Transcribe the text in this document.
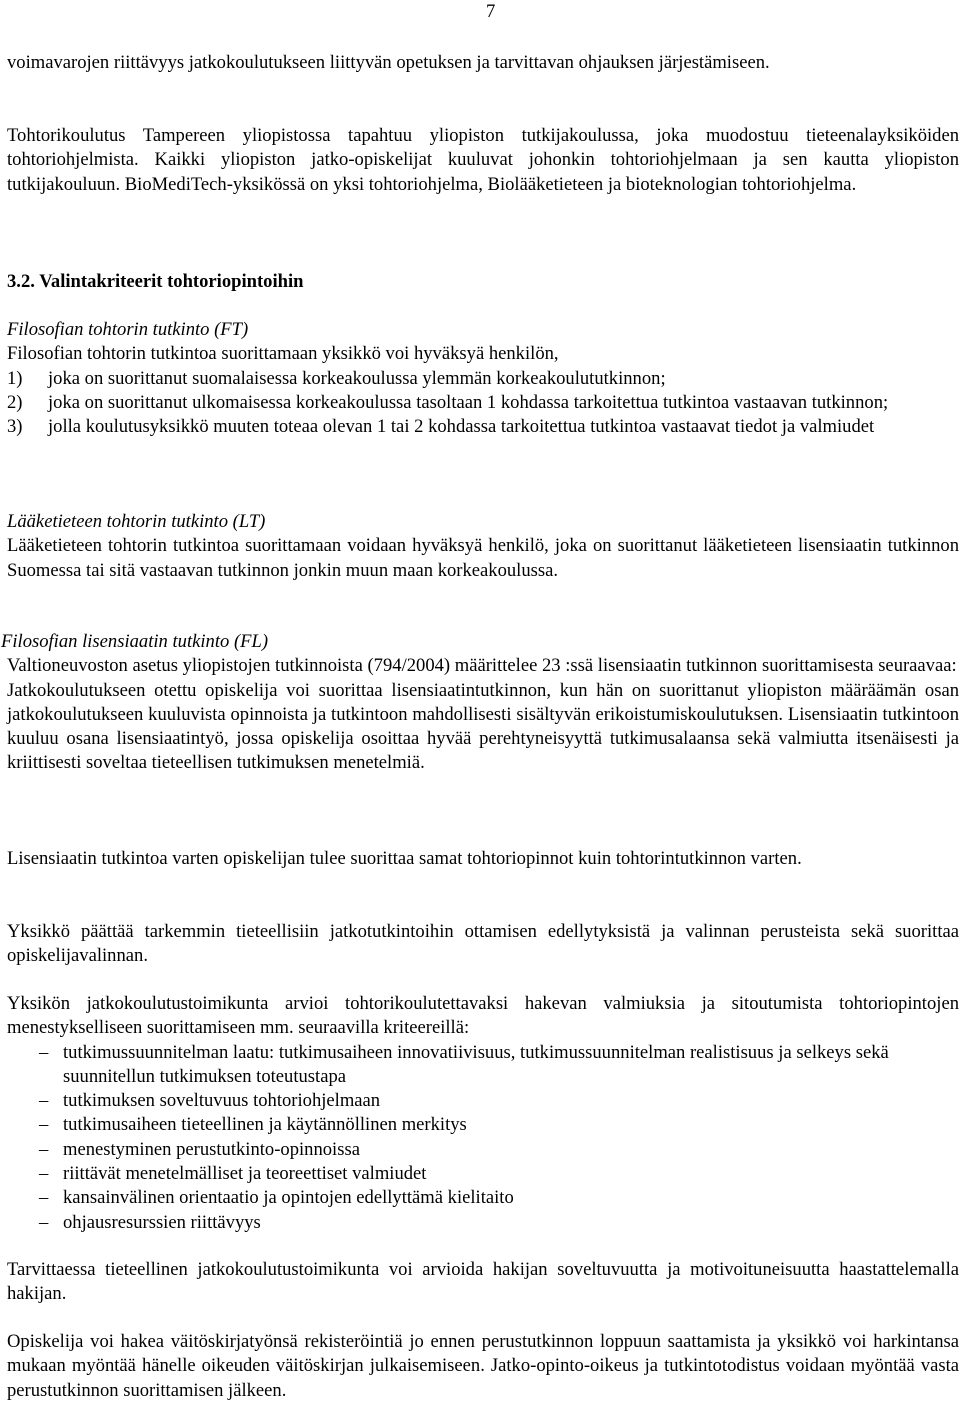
7

voimavarojen riittävyys jatkokoulutukseen liittyvän opetuksen ja tarvittavan ohjauksen järjestämiseen.

Tohtorikoulutus Tampereen yliopistossa tapahtuu yliopiston tutkijakoulussa, joka muodostuu tieteenalayksiköiden tohtoriohjelmista. Kaikki yliopiston jatko-opiskelijat kuuluvat johonkin tohtoriohjelmaan ja sen kautta yliopiston tutkijakouluun. BioMediTech-yksikössä on yksi tohtoriohjelma, Biolääketieteen ja bioteknologian tohtoriohjelma.

3.2. Valintakriteerit tohtoriopintoihin

Filosofian tohtorin tutkinto (FT)

Filosofian tohtorin tutkintoa suorittamaan yksikkö voi hyväksyä henkilön,

1) joka on suorittanut suomalaisessa korkeakoulussa ylemmän korkeakoulututkinnon;
2) joka on suorittanut ulkomaisessa korkeakoulussa tasoltaan 1 kohdassa tarkoitettua tutkintoa vastaavan tutkinnon;
3) jolla koulutusyksikkö muuten toteaa olevan 1 tai 2 kohdassa tarkoitettua tutkintoa vastaavat tiedot ja valmiudet

Lääketieteen tohtorin tutkinto (LT)

Lääketieteen tohtorin tutkintoa suorittamaan voidaan hyväksyä henkilö, joka on suorittanut lääketieteen lisensiaatin tutkinnon Suomessa tai sitä vastaavan tutkinnon jonkin muun maan korkeakoulussa.

Filosofian lisensiaatin tutkinto (FL)

Valtioneuvoston asetus yliopistojen tutkinnoista (794/2004) määrittelee 23 :ssä lisensiaatin tutkinnon suorittamisesta seuraavaa:

Jatkokoulutukseen otettu opiskelija voi suorittaa lisensiaatintutkinnon, kun hän on suorittanut yliopiston määräämän osan jatkokoulutukseen kuuluvista opinnoista ja tutkintoon mahdollisesti sisältyvän erikoistumiskoulutuksen. Lisensiaatin tutkintoon kuuluu osana lisensiaatintyö, jossa opiskelija osoittaa hyvää perehtyneisyyttä tutkimusalaansa sekä valmiutta itsenäisesti ja kriittisesti soveltaa tieteellisen tutkimuksen menetelmiä.

Lisensiaatin tutkintoa varten opiskelijan tulee suorittaa samat tohtoriopinnot kuin tohtorintutkinnon varten.

Yksikkö päättää tarkemmin tieteellisiin jatkotutkintoihin ottamisen edellytyksistä ja valinnan perusteista sekä suorittaa opiskelijavalinnan.

Yksikön jatkokoulutustoimikunta arvioi tohtorikoulutettavaksi hakevan valmiuksia ja sitoutumista tohtoriopintojen menestykselliseen suorittamiseen mm. seuraavilla kriteereillä:

– tutkimussuunnitelman laatu: tutkimusaiheen innovatiivisuus, tutkimussuunnitelman realistisuus ja selkeys sekä suunnitellun tutkimuksen toteutustapa
– tutkimuksen soveltuvuus tohtoriohjelmaan
– tutkimusaiheen tieteellinen ja käytännöllinen merkitys
– menestyminen perustutkinto-opinnoissa
– riittävät menetelmälliset ja teoreettiset valmiudet
– kansainvälinen orientaatio ja opintojen edellyttämä kielitaito
– ohjausresurssien riittävyys

Tarvittaessa tieteellinen jatkokoulutustoimikunta voi arvioida hakijan soveltuvuutta ja motivoituneisuutta haastattelemalla hakijan.

Opiskelija voi hakea väitöskirjatyönsä rekisteröintiä jo ennen perustutkinnon loppuun saattamista ja yksikkö voi harkintansa mukaan myöntää hänelle oikeuden väitöskirjan julkaisemiseen. Jatko-opinto-oikeus ja tutkintotodistus voidaan myöntää vasta perustutkinnon suorittamisen jälkeen.
